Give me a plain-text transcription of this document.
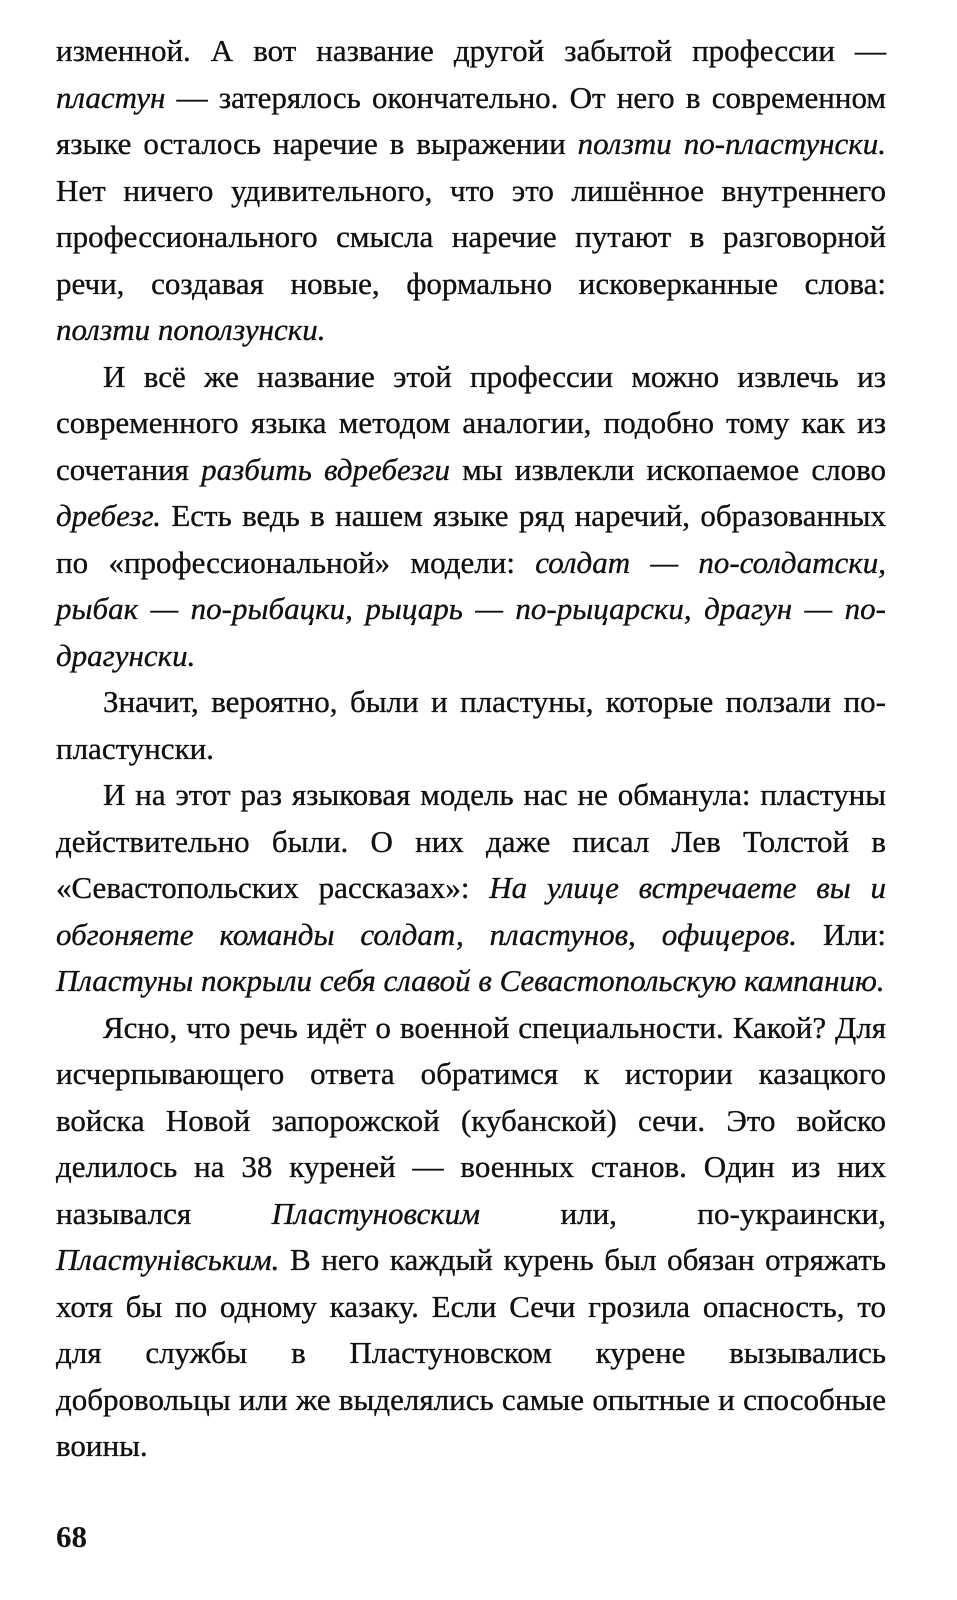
изменной. А вот название другой забытой профессии — пластун — затерялось окончательно. От него в современном языке осталось наречие в выражении ползти по-пластунски. Нет ничего удивительного, что это лишённое внутреннего профессионального смысла наречие путают в разговорной речи, создавая новые, формально исковерканные слова: ползти поползунски.

И всё же название этой профессии можно извлечь из современного языка методом аналогии, подобно тому как из сочетания разбить вдребезги мы извлекли ископаемое слово дребезг. Есть ведь в нашем языке ряд наречий, образованных по «профессиональной» модели: солдат — по-солдатски, рыбак — по-рыбацки, рыцарь — по-рыцарски, драгун — по-драгунски.

Значит, вероятно, были и пластуны, которые ползали по-пластунски.

И на этот раз языковая модель нас не обманула: пластуны действительно были. О них даже писал Лев Толстой в «Севастопольских рассказах»: На улице встречаете вы и обгоняете команды солдат, пластунов, офицеров. Или: Пластуны покрыли себя славой в Севастопольскую кампанию.

Ясно, что речь идёт о военной специальности. Какой? Для исчерпывающего ответа обратимся к истории казацкого войска Новой запорожской (кубанской) сечи. Это войско делилось на 38 куреней — военных станов. Один из них назывался Пластуновским или, по-украински, Пластунівським. В него каждый курень был обязан отряжать хотя бы по одному казаку. Если Сечи грозила опасность, то для службы в Пластуновском курене вызывались добровольцы или же выделялись самые опытные и способные воины.

68
